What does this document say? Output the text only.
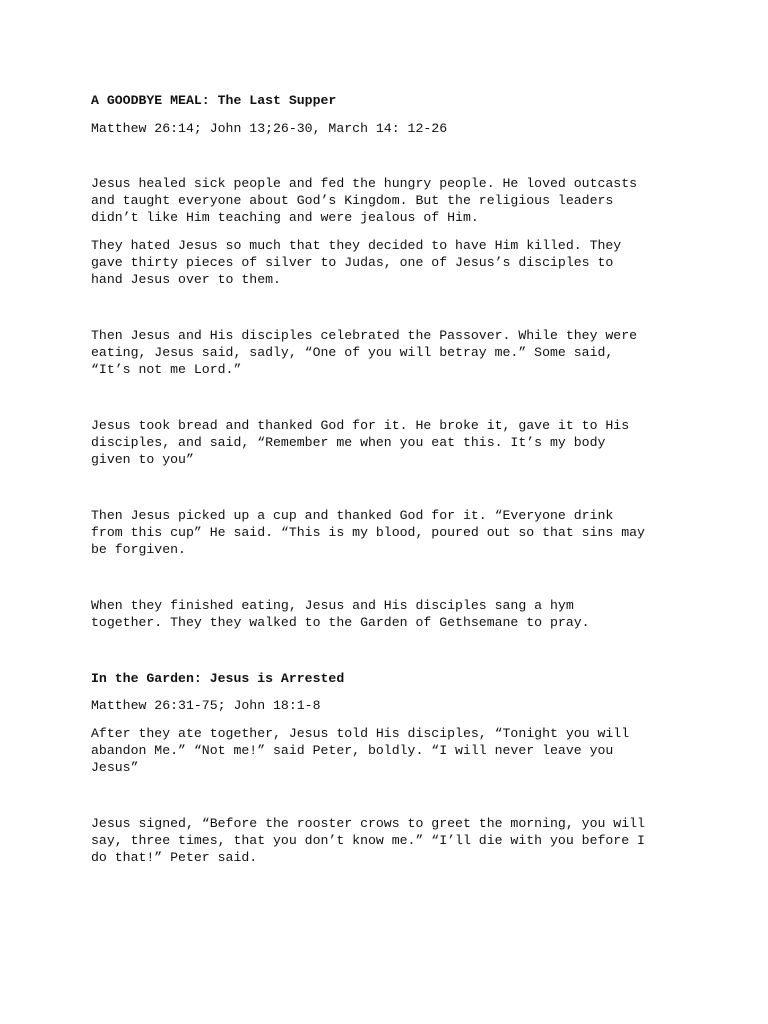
A GOODBYE MEAL: The Last Supper
Matthew 26:14; John 13;26-30, March 14: 12-26
Jesus healed sick people and fed the hungry people. He loved outcasts
and taught everyone about God’s Kingdom. But the religious leaders
didn’t like Him teaching and were jealous of Him.
They hated Jesus so much that they decided to have Him killed. They
gave thirty pieces of silver to Judas, one of Jesus’s disciples to
hand Jesus over to them.
Then Jesus and His disciples celebrated the Passover. While they were
eating, Jesus said, sadly, “One of you will betray me.” Some said,
“It’s not me Lord.”
Jesus took bread and thanked God for it. He broke it, gave it to His
disciples, and said, “Remember me when you eat this. It’s my body
given to you”
Then Jesus picked up a cup and thanked God for it. “Everyone drink
from this cup” He said. “This is my blood, poured out so that sins may
be forgiven.
When they finished eating, Jesus and His disciples sang a hym
together. They they walked to the Garden of Gethsemane to pray.
In the Garden: Jesus is Arrested
Matthew 26:31-75; John 18:1-8
After they ate together, Jesus told His disciples, “Tonight you will
abandon Me.” “Not me!” said Peter, boldly. “I will never leave you
Jesus”
Jesus signed, “Before the rooster crows to greet the morning, you will
say, three times, that you don’t know me.” “I’ll die with you before I
do that!” Peter said.
